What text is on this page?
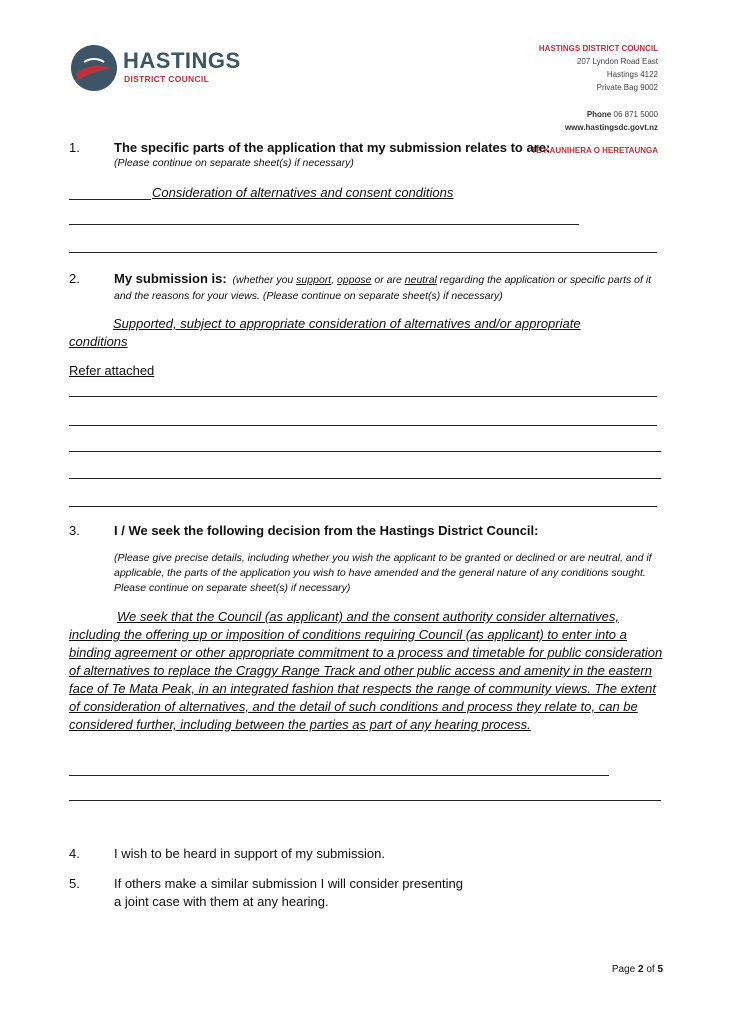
HASTINGS
DISTRICT COUNCIL
HASTINGS DISTRICT COUNCIL
207 Lyndon Road East
Hastings 4122
Private Bag 9002
Phone 06 871 5000
www.hastingsdc.govt.nz
TE KAUNIHERA O HERETAUNGA
1.	The specific parts of the application that my submission relates to are:
(Please continue on separate sheet(s) if necessary)
Consideration of alternatives and consent conditions
2.	My submission is: (whether you support, oppose or are neutral regarding the application or specific parts of it and the reasons for your views. (Please continue on separate sheet(s) if necessary)
Supported, subject to appropriate consideration of alternatives and/or appropriate conditions
Refer attached
3.	I / We seek the following decision from the Hastings District Council:
(Please give precise details, including whether you wish the applicant to be granted or declined or are neutral, and if applicable, the parts of the application you wish to have amended and the general nature of any conditions sought. Please continue on separate sheet(s) if necessary)
We seek that the Council (as applicant) and the consent authority consider alternatives, including the offering up or imposition of conditions requiring Council (as applicant) to enter into a binding agreement or other appropriate commitment to a process and timetable for public consideration of alternatives to replace the Craggy Range Track and other public access and amenity in the eastern face of Te Mata Peak, in an integrated fashion that respects the range of community views. The extent of consideration of alternatives, and the detail of such conditions and process they relate to, can be considered further, including between the parties as part of any hearing process.
4.	I wish to be heard in support of my submission.
5.	If others make a similar submission I will consider presenting
a joint case with them at any hearing.
Page 2 of 5
